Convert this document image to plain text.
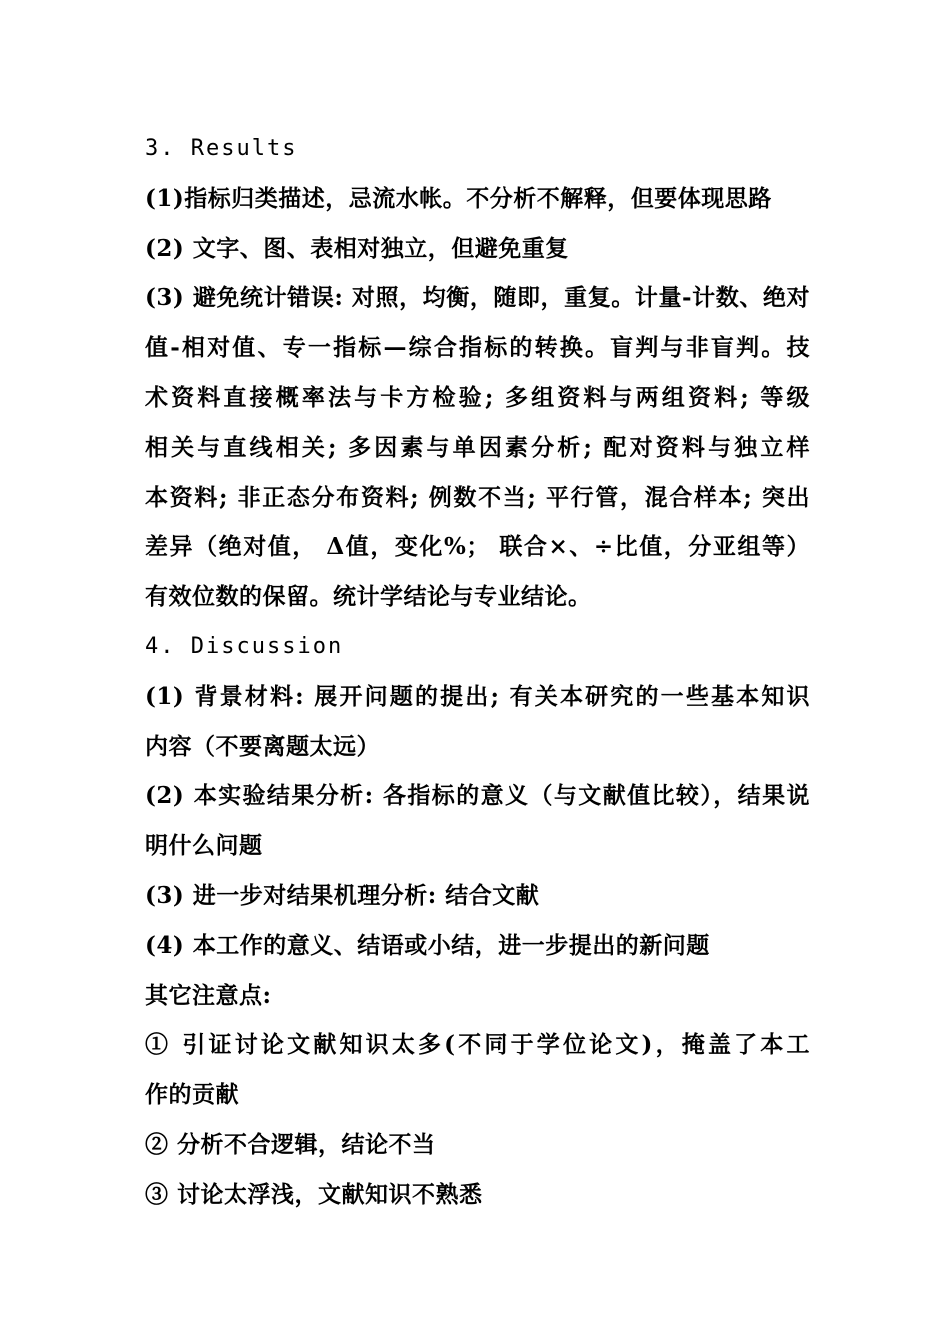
3. Results
(1)指标归类描述，忌流水帐。不分析不解释，但要体现思路
(2) 文字、图、表相对独立，但避免重复
(3) 避免统计错误: 对照，均衡，随即，重复。计量-计数、绝对
值-相对值、专一指标—综合指标的转换。盲判与非盲判。技
术资料直接概率法与卡方检验; 多组资料与两组资料; 等级
相关与直线相关; 多因素与单因素分析; 配对资料与独立样
本资料; 非正态分布资料; 例数不当; 平行管，混合样本; 突出
差异（绝对值， Δ值，变化%； 联合×、÷比值，分亚组等）
有效位数的保留。统计学结论与专业结论。
4. Discussion
(1) 背景材料: 展开问题的提出; 有关本研究的一些基本知识
内容（不要离题太远）
(2) 本实验结果分析: 各指标的意义（与文献值比较），结果说
明什么问题
(3) 进一步对结果机理分析: 结合文献
(4) 本工作的意义、结语或小结，进一步提出的新问题
其它注意点:
① 引证讨论文献知识太多(不同于学位论文)，掩盖了本工
作的贡献
② 分析不合逻辑，结论不当
③ 讨论太浮浅，文献知识不熟悉
